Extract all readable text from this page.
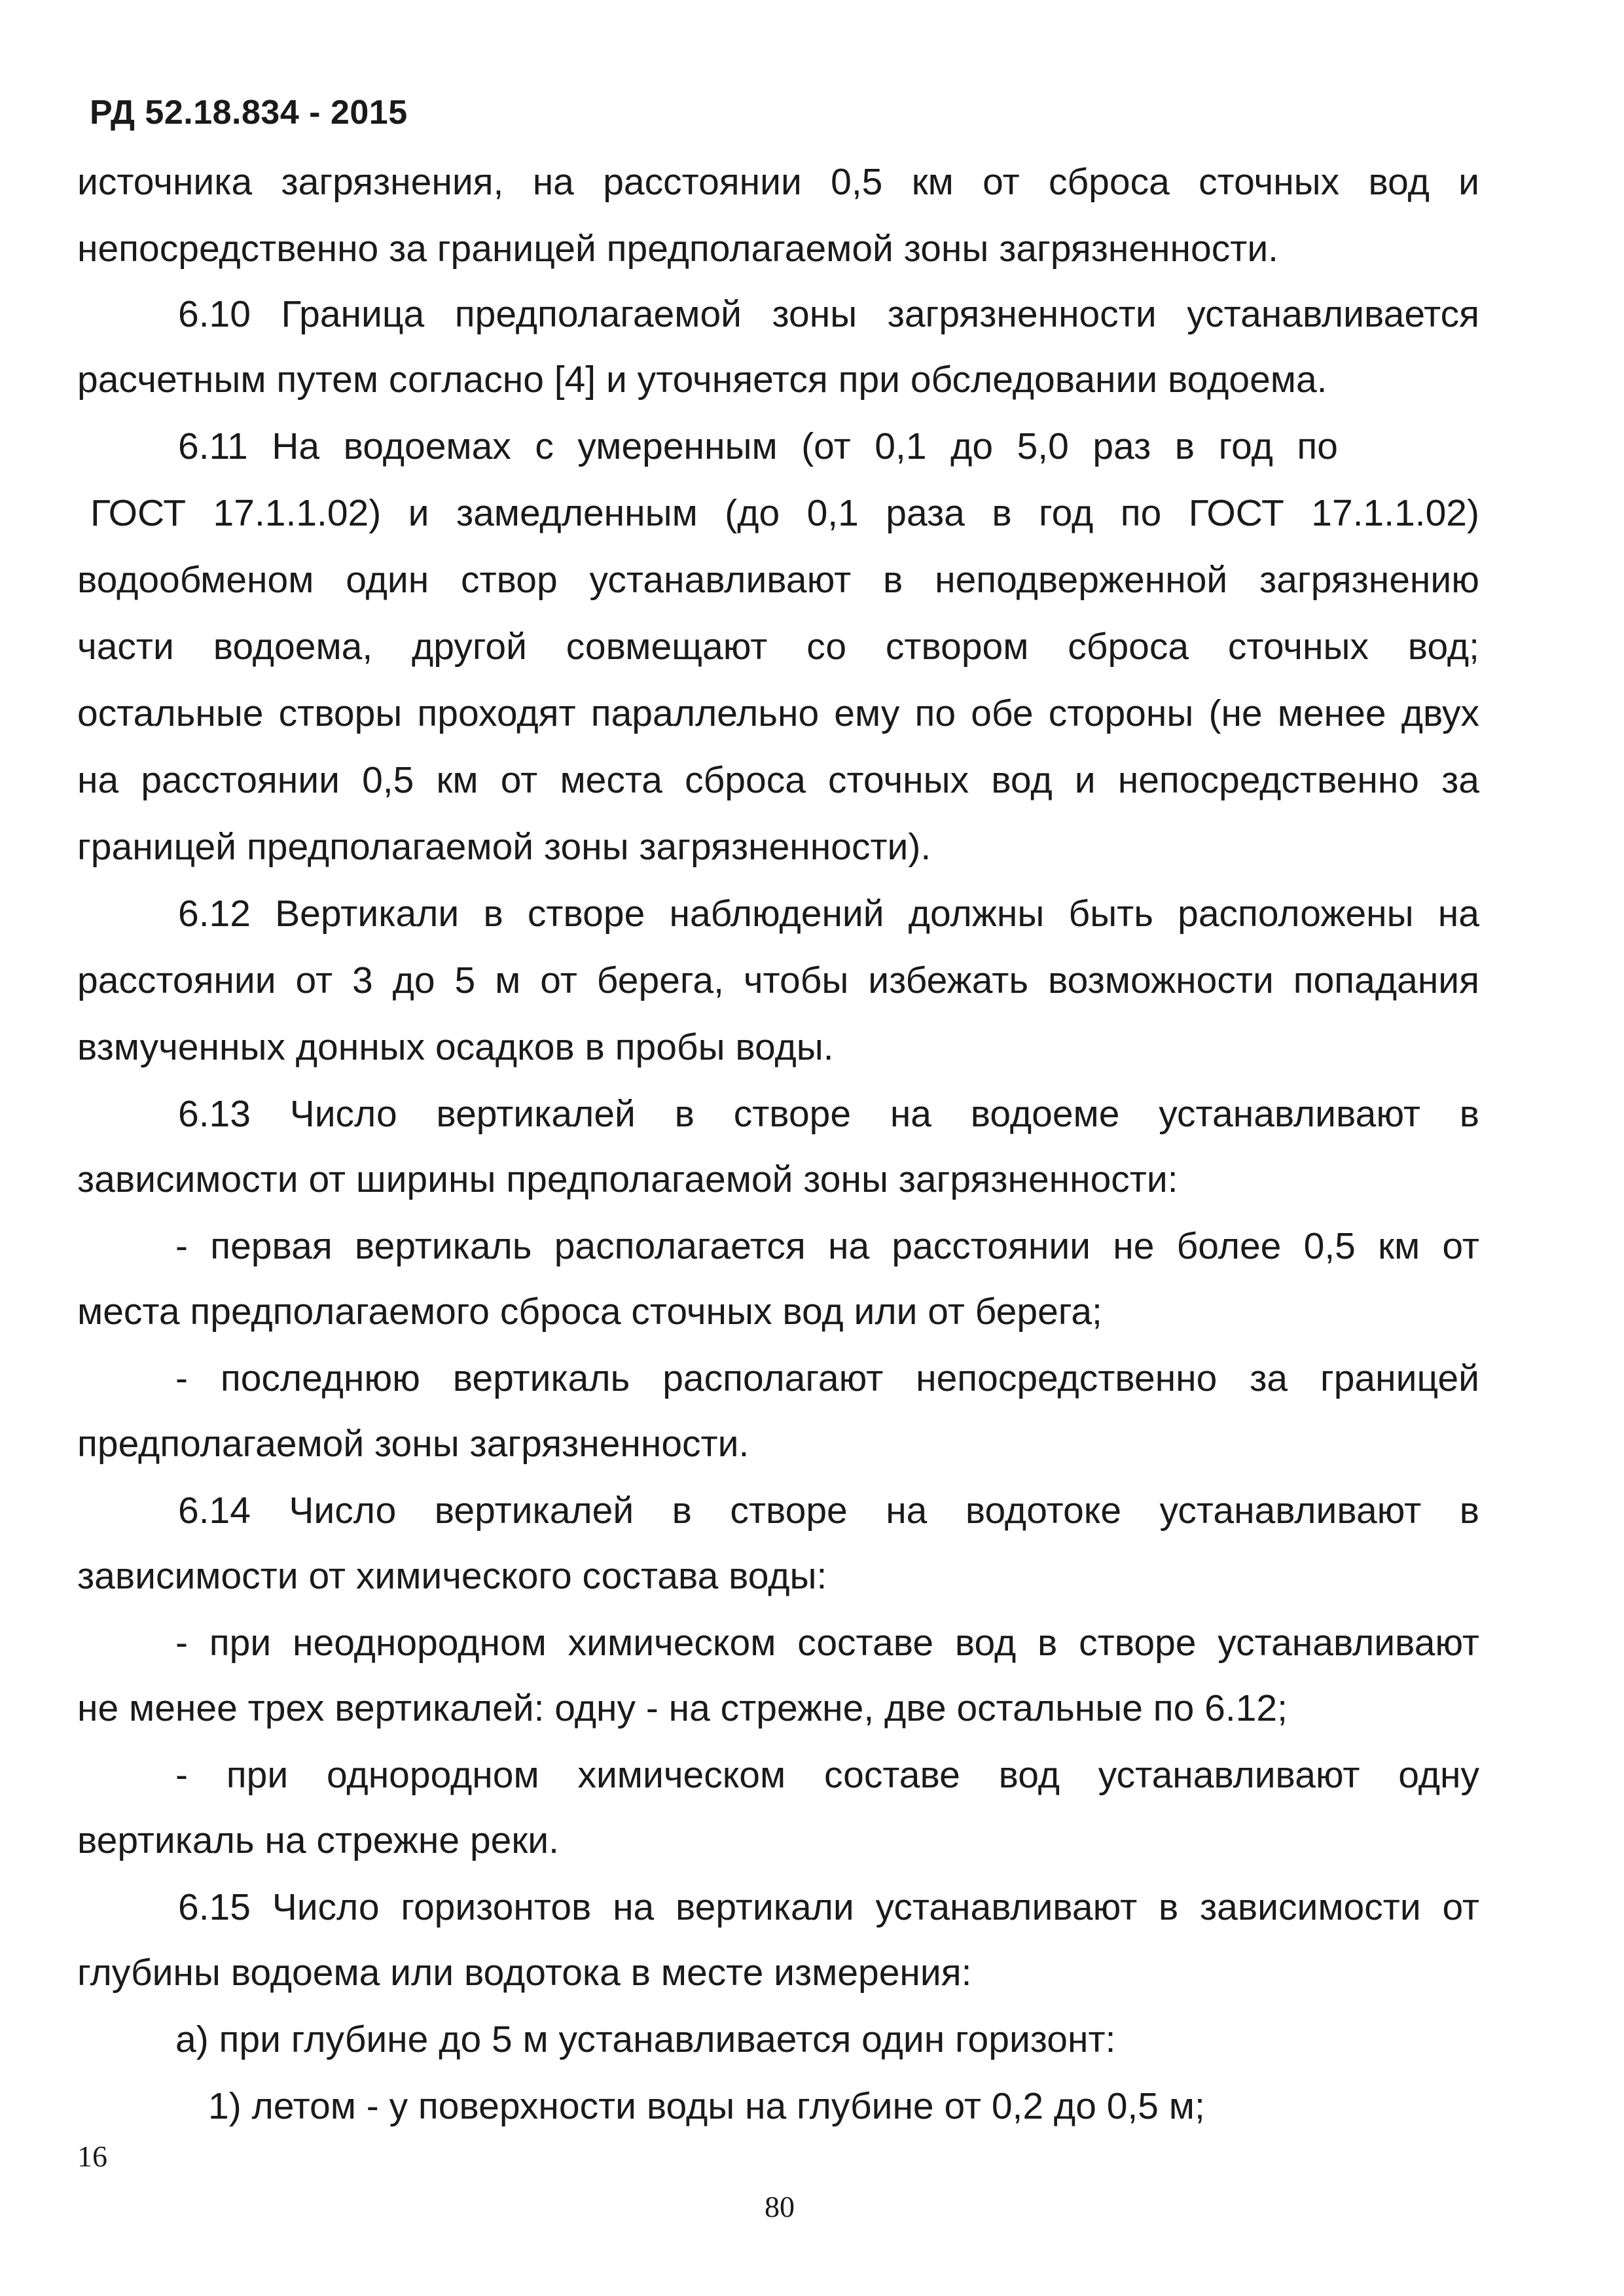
РД 52.18.834 - 2015
источника загрязнения, на расстоянии 0,5 км от сброса сточных вод и
непосредственно за границей предполагаемой зоны загрязненности.
6.10 Граница предполагаемой зоны загрязненности устанавливается
расчетным путем согласно [4] и уточняется при обследовании водоема.
6.11 На водоемах с умеренным (от 0,1 до 5,0 раз в год по
ГОСТ 17.1.1.02) и замедленным (до 0,1 раза в год по ГОСТ 17.1.1.02)
водообменом один створ устанавливают в неподверженной загрязнению
части водоема, другой совмещают со створом сброса сточных вод;
остальные створы проходят параллельно ему по обе стороны (не менее двух
на расстоянии 0,5 км от места сброса сточных вод и непосредственно за
границей предполагаемой зоны загрязненности).
6.12 Вертикали в створе наблюдений должны быть расположены на
расстоянии от 3 до 5 м от берега, чтобы избежать возможности попадания
взмученных донных осадков в пробы воды.
6.13 Число вертикалей в створе на водоеме устанавливают в
зависимости от ширины предполагаемой зоны загрязненности:
- первая вертикаль располагается на расстоянии не более 0,5 км от
места предполагаемого сброса сточных вод или от берега;
- последнюю вертикаль располагают непосредственно за границей
предполагаемой зоны загрязненности.
6.14 Число вертикалей в створе на водотоке устанавливают в
зависимости от химического состава воды:
- при неоднородном химическом составе вод в створе устанавливают
не менее трех вертикалей: одну - на стрежне, две остальные по 6.12;
- при однородном химическом составе вод устанавливают одну
вертикаль на стрежне реки.
6.15 Число горизонтов на вертикали устанавливают в зависимости от
глубины водоема или водотока в месте измерения:
а) при глубине до 5 м устанавливается один горизонт:
1) летом - у поверхности воды на глубине от 0,2 до 0,5 м;
16
80
